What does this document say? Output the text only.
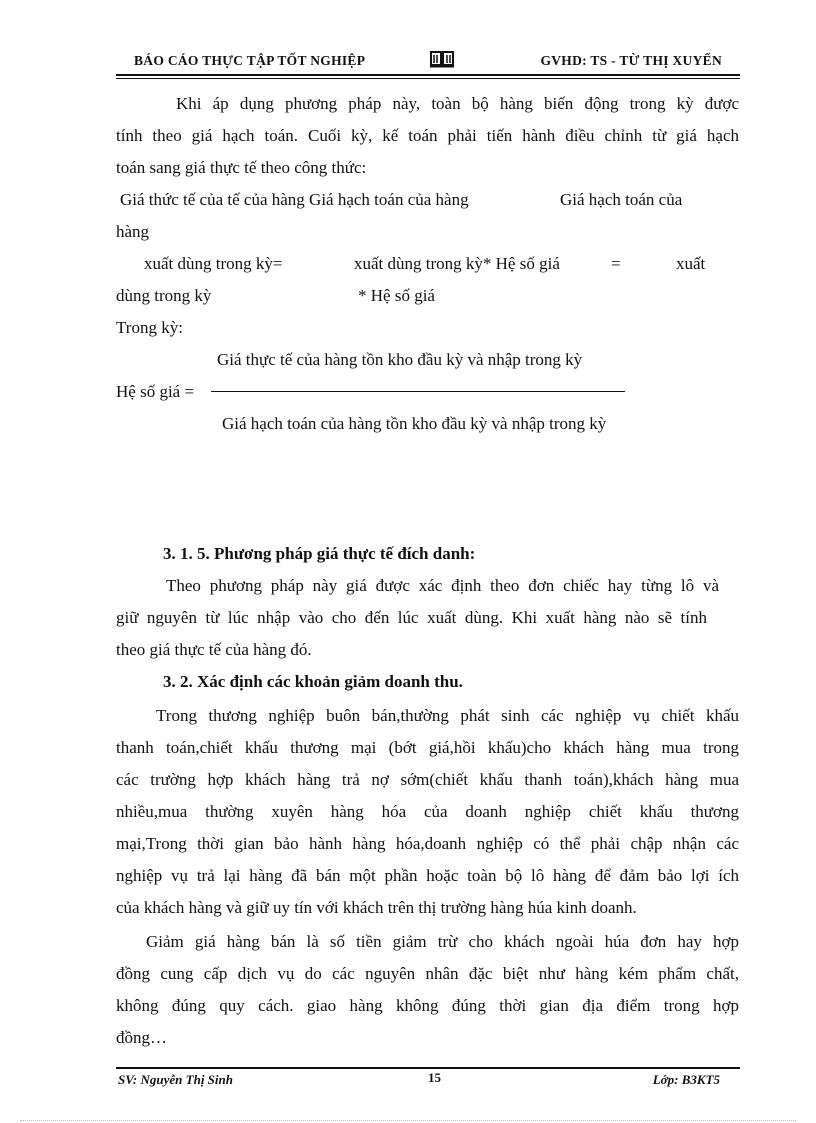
BÁO CÁO THỰC TẬP TỐT NGHIỆP	GVHD: TS - TỪ THỊ XUYẾN
Khi áp dụng phương pháp này, toàn bộ hàng biến động trong kỳ được
tính theo giá hạch toán. Cuối kỳ, kế toán phải tiến hành điều chỉnh từ giá hạch
toán sang giá thực tế theo công thức:
Giá thức tế của tế của hàng Giá hạch toán của hàng	Giá hạch toán của
hàng
xuất dùng trong kỳ=	xuất dùng trong kỳ* Hệ số giá	=	xuất
dùng trong kỳ	* Hệ số giá
Trong kỳ:
Giá thực tế của hàng tồn kho đầu kỳ và nhập trong kỳ
Hệ số giá =
Giá hạch toán của hàng tồn kho đầu kỳ và nhập trong kỳ
3. 1. 5. Phương pháp giá thực tế đích danh:
Theo phương pháp này giá được xác định theo đơn chiếc hay từng lô và
giữ nguyên từ lúc nhập vào cho đến lúc xuất dùng. Khi xuất hàng nào sẽ tính
theo giá thực tế của hàng đó.
3. 2. Xác định các khoản giảm doanh thu.
Trong thương nghiệp buôn bán,thường phát sinh các nghiệp vụ chiết khấu
thanh toán,chiết khấu thương mại (bớt giá,hồi khấu)cho khách hàng mua trong
các trường hợp khách hàng trả nợ sớm(chiết khấu thanh toán),khách hàng mua
nhiều,mua thường xuyên hàng hóa của doanh nghiệp chiết khấu thương
mại,Trong thời gian bảo hành hàng hóa,doanh nghiệp có thể phải chập nhận các
nghiệp vụ trả lại hàng đã bán một phần hoặc toàn bộ lô hàng để đảm bảo lợi ích
của khách hàng và giữ uy tín với khách trên thị trường hàng húa kinh doanh.
Giảm giá hàng bán là số tiền giảm trừ cho khách ngoài húa đơn hay hợp
đồng cung cấp dịch vụ do các nguyên nhân đặc biệt như hàng kém phẩm chất,
không đúng quy cách. giao hàng không đúng thời gian địa điểm trong hợp
đồng…
SV: Nguyễn Thị Sinh	15	Lớp: B3KT5
